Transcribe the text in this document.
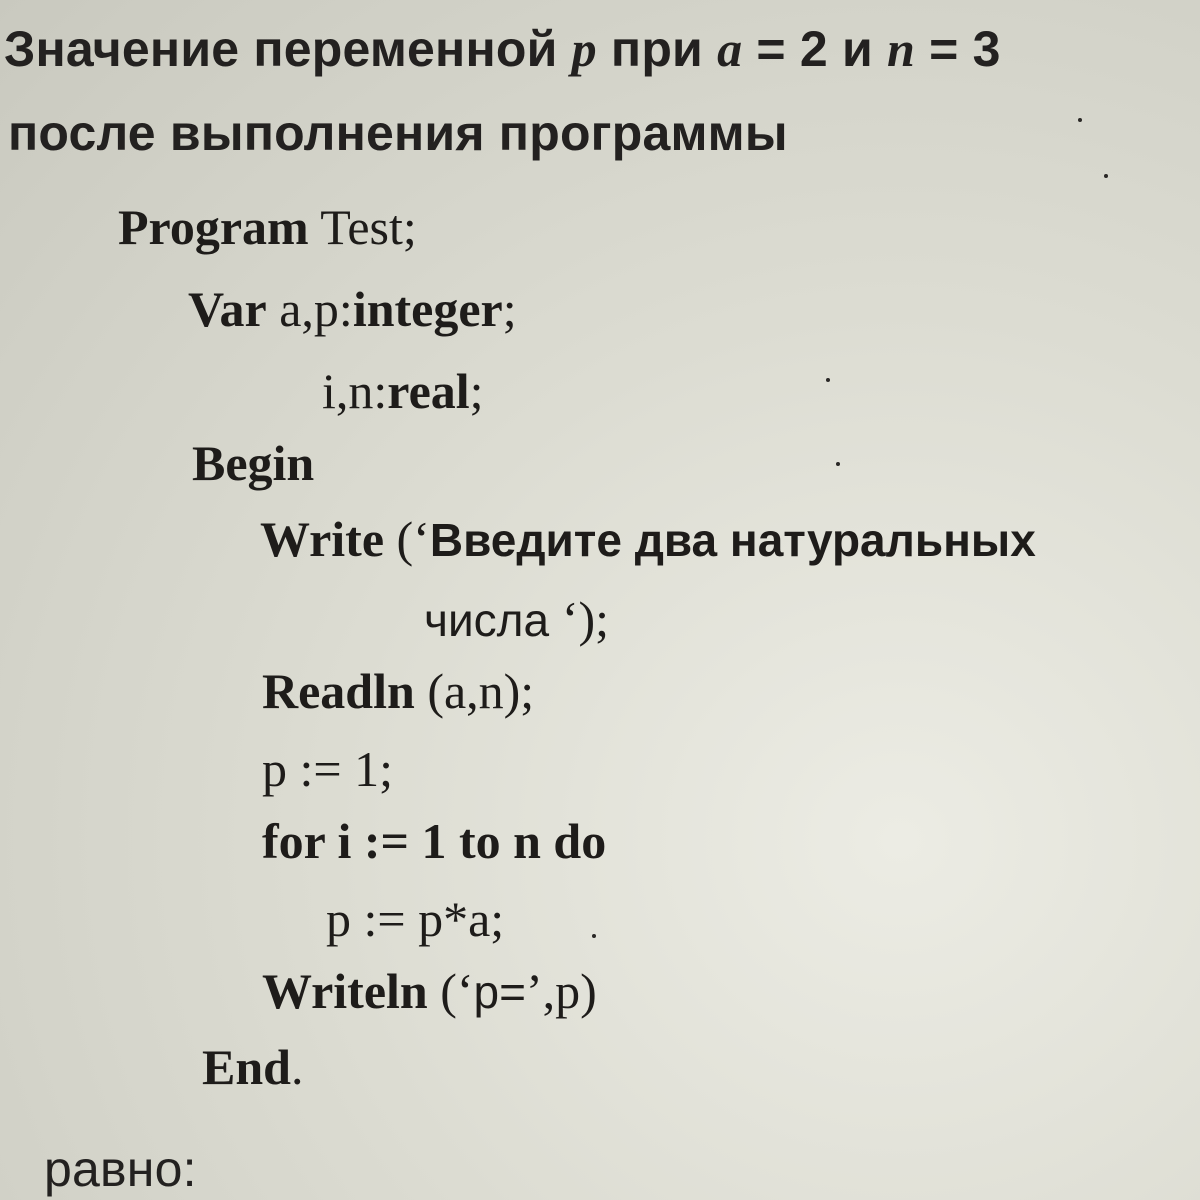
Значение переменной p при a = 2 и n = 3
после выполнения программы
Program Test;
Var a,p:integer;
i,n:real;
Begin
Write (‘Введите два натуральных
числа ‘);
Readln (a,n);
p := 1;
for i := 1 to n do
p := p*a;
Writeln (‘p=’,p)
End.
равно:
